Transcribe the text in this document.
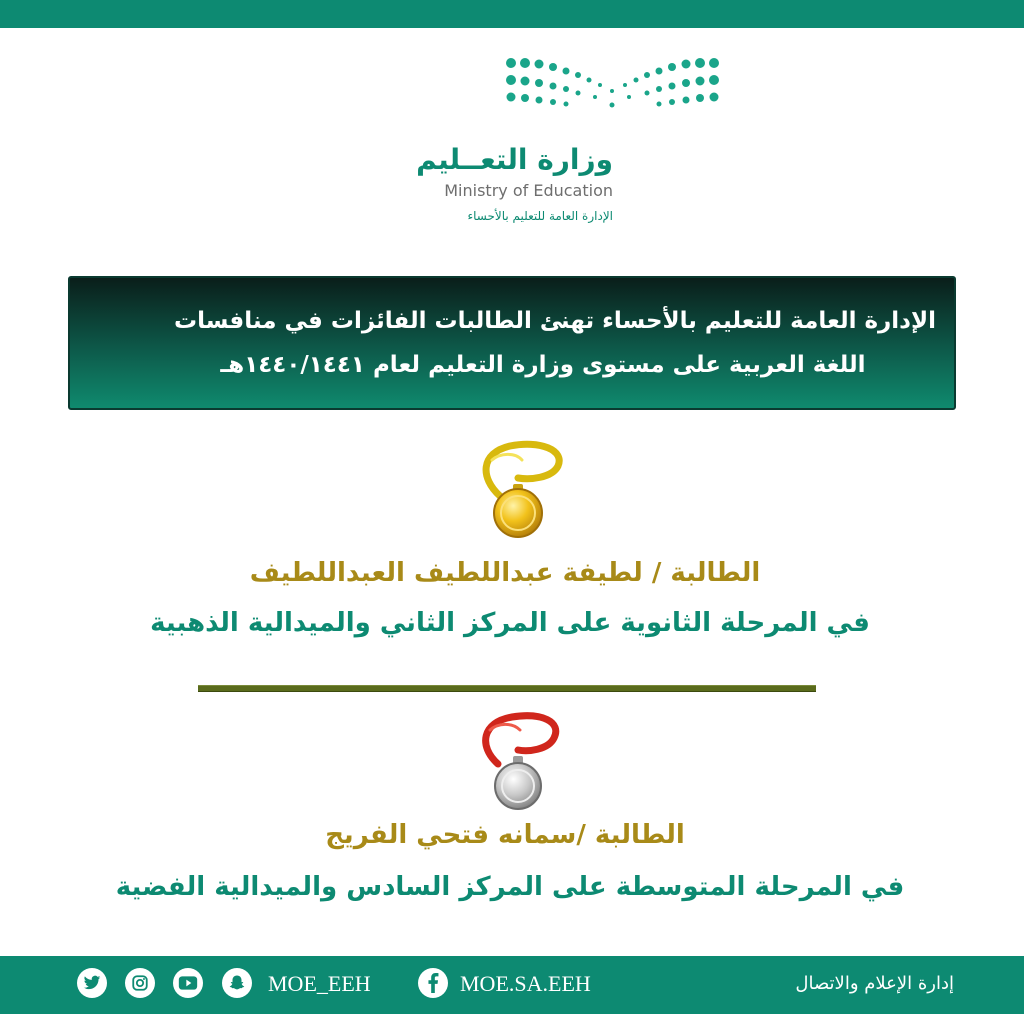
وزارة التعــليم
Ministry of Education
الإدارة العامة للتعليم بالأحساء
الإدارة العامة للتعليم بالأحساء تهنئ الطالبات الفائزات في منافسات
اللغة العربية على مستوى وزارة التعليم لعام ١٤٤٠/١٤٤١هـ
الطالبة / لطيفة عبداللطيف العبداللطيف
في المرحلة الثانوية على المركز الثاني والميدالية الذهبية
الطالبة /سمانه فتحي الفريج
في المرحلة المتوسطة على المركز السادس والميدالية الفضية
MOE_EEH	MOE.SA.EEH	إدارة الإعلام والاتصال
